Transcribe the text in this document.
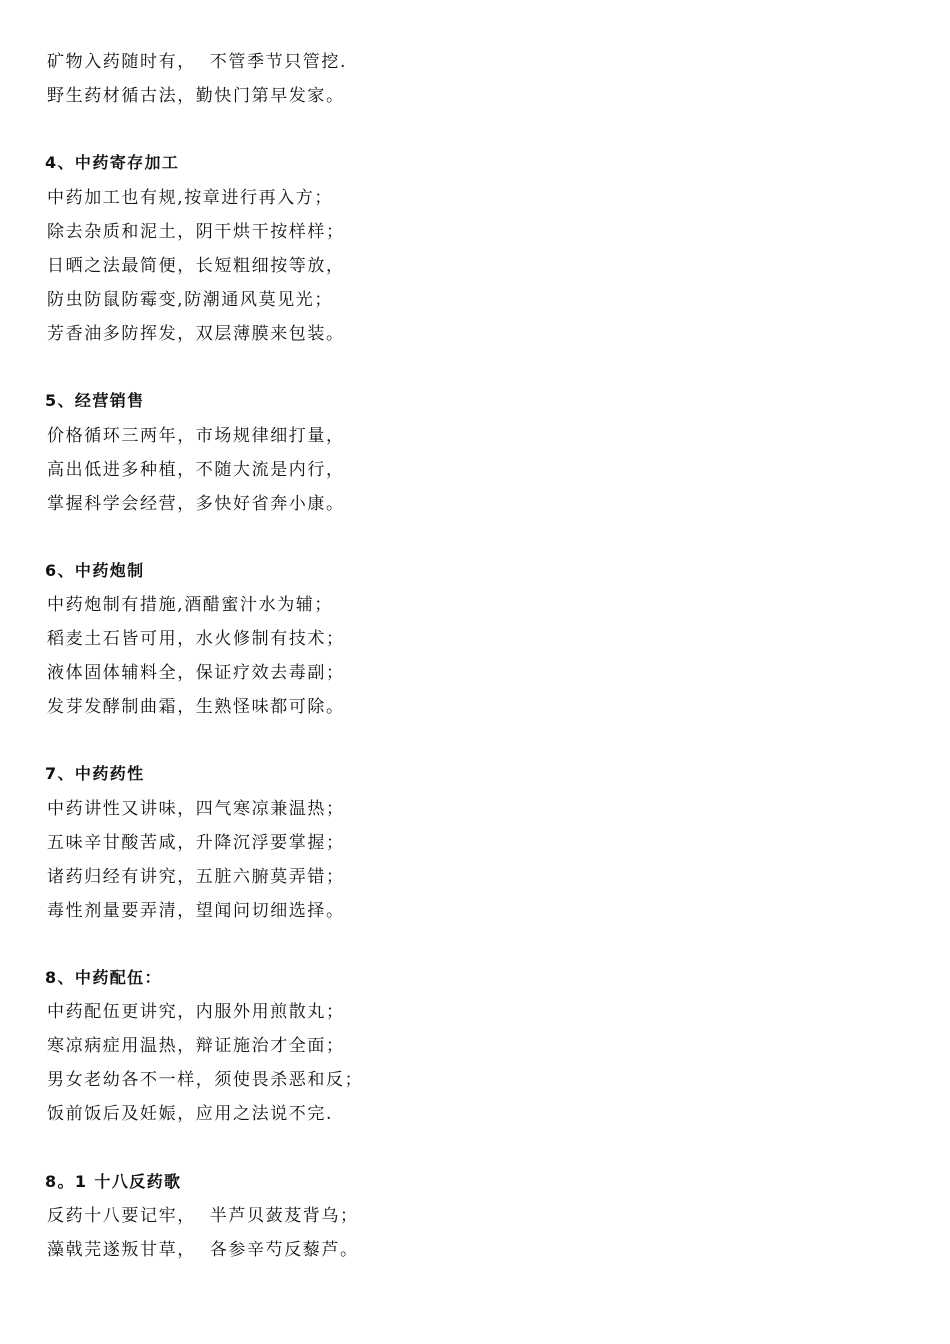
矿物入药随时有，  不管季节只管挖.
野生药材循古法，勤快门第早发家。
4、中药寄存加工
中药加工也有规,按章进行再入方；
除去杂质和泥土，阴干烘干按样样；
日晒之法最简便，长短粗细按等放，
防虫防鼠防霉变,防潮通风莫见光；
芳香油多防挥发，双层薄膜来包装。
5、经营销售
价格循环三两年，市场规律细打量，
高出低进多种植，不随大流是内行，
掌握科学会经营，多快好省奔小康。
6、中药炮制
中药炮制有措施,酒醋蜜汁水为辅；
稻麦土石皆可用，水火修制有技术；
液体固体辅料全，保证疗效去毒副；
发芽发酵制曲霜，生熟怪味都可除。
7、中药药性
中药讲性又讲味，四气寒凉兼温热；
五味辛甘酸苦咸，升降沉浮要掌握；
诸药归经有讲究，五脏六腑莫弄错；
毒性剂量要弄清，望闻问切细选择。
8、中药配伍：
中药配伍更讲究，内服外用煎散丸；
寒凉病症用温热，辩证施治才全面；
男女老幼各不一样，须使畏杀恶和反；
饭前饭后及妊娠，应用之法说不完.
8。1 十八反药歌
反药十八要记牢，  半芦贝蔹芨背乌；
藻戟芫遂叛甘草，  各参辛芍反藜芦。
